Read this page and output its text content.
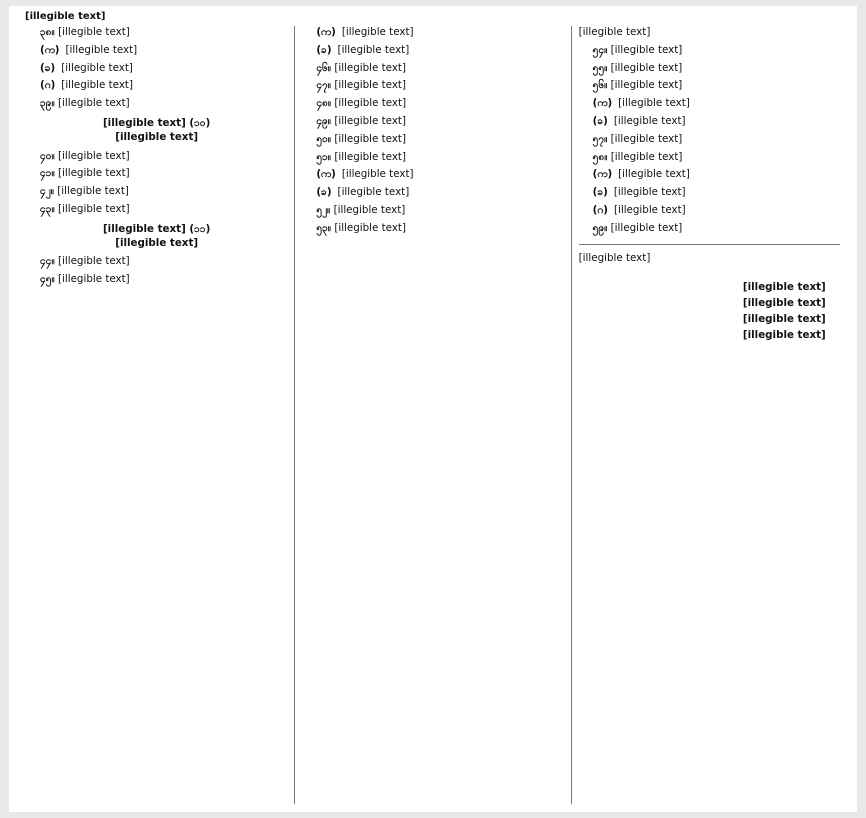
[illegible text]

၃၈။ [illegible text]

(က) [illegible text]
(ခ) [illegible text]
(ဂ) [illegible text]

၃၉။ [illegible text]

[illegible text] (၁၀)
[illegible text]

၄၀။ [illegible text]

၄၁။ [illegible text]

၄၂။ [illegible text]

၄၃။ [illegible text]

[illegible text] (၁၁)
[illegible text]

၄၄။ [illegible text]

၄၅။ [illegible text]

(က) [illegible text]
(ခ) [illegible text]

၄၆။ [illegible text]

၄၇။ [illegible text]

၄၈။ [illegible text]

၄၉။ [illegible text]

၅၀။ [illegible text]

၅၁။ [illegible text]

(က) [illegible text]
(ခ) [illegible text]

၅၂။ [illegible text]

၅၃။ [illegible text]

[illegible text]

၅၄။ [illegible text]

၅၅။ [illegible text]

၅၆။ [illegible text]

(က) [illegible text]
(ခ) [illegible text]

၅၇။ [illegible text]

၅၈။ [illegible text]

(က) [illegible text]
(ခ) [illegible text]
(ဂ) [illegible text]

၅၉။ [illegible text]

[illegible text]

[illegible text]
[illegible text]
[illegible text]
[illegible text]
